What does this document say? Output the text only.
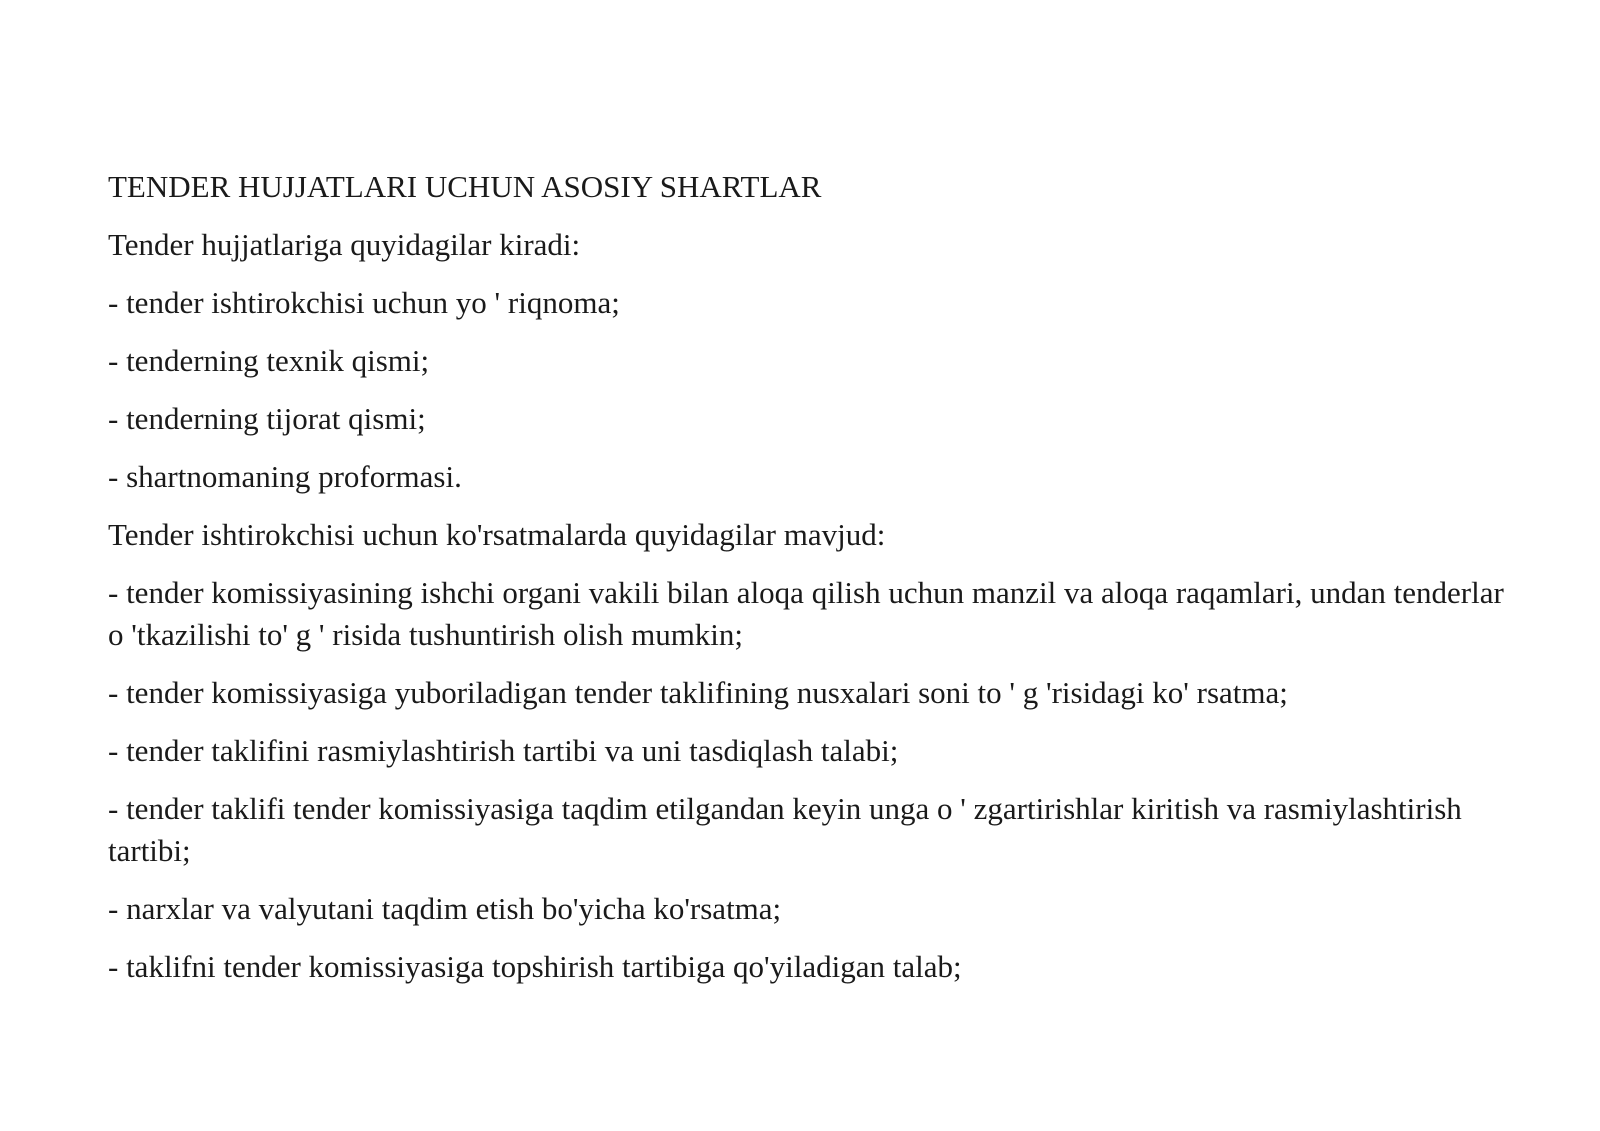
TENDER HUJJATLARI UCHUN ASOSIY SHARTLAR

Tender hujjatlariga quyidagilar kiradi:

- tender ishtirokchisi uchun yo ' riqnoma;

- tenderning texnik qismi;

- tenderning tijorat qismi;

- shartnomaning proformasi.

Tender ishtirokchisi uchun ko'rsatmalarda quyidagilar mavjud:

- tender komissiyasining ishchi organi vakili bilan aloqa qilish uchun manzil va aloqa raqamlari, undan tenderlar o 'tkazilishi to' g ' risida tushuntirish olish mumkin;

- tender komissiyasiga yuboriladigan tender taklifining nusxalari soni to ' g 'risidagi ko' rsatma;

- tender taklifini rasmiylashtirish tartibi va uni tasdiqlash talabi;

- tender taklifi tender komissiyasiga taqdim etilgandan keyin unga o ' zgartirishlar kiritish va rasmiylashtirish tartibi;

- narxlar va valyutani taqdim etish bo'yicha ko'rsatma;

- taklifni tender komissiyasiga topshirish tartibiga qo'yiladigan talab;
